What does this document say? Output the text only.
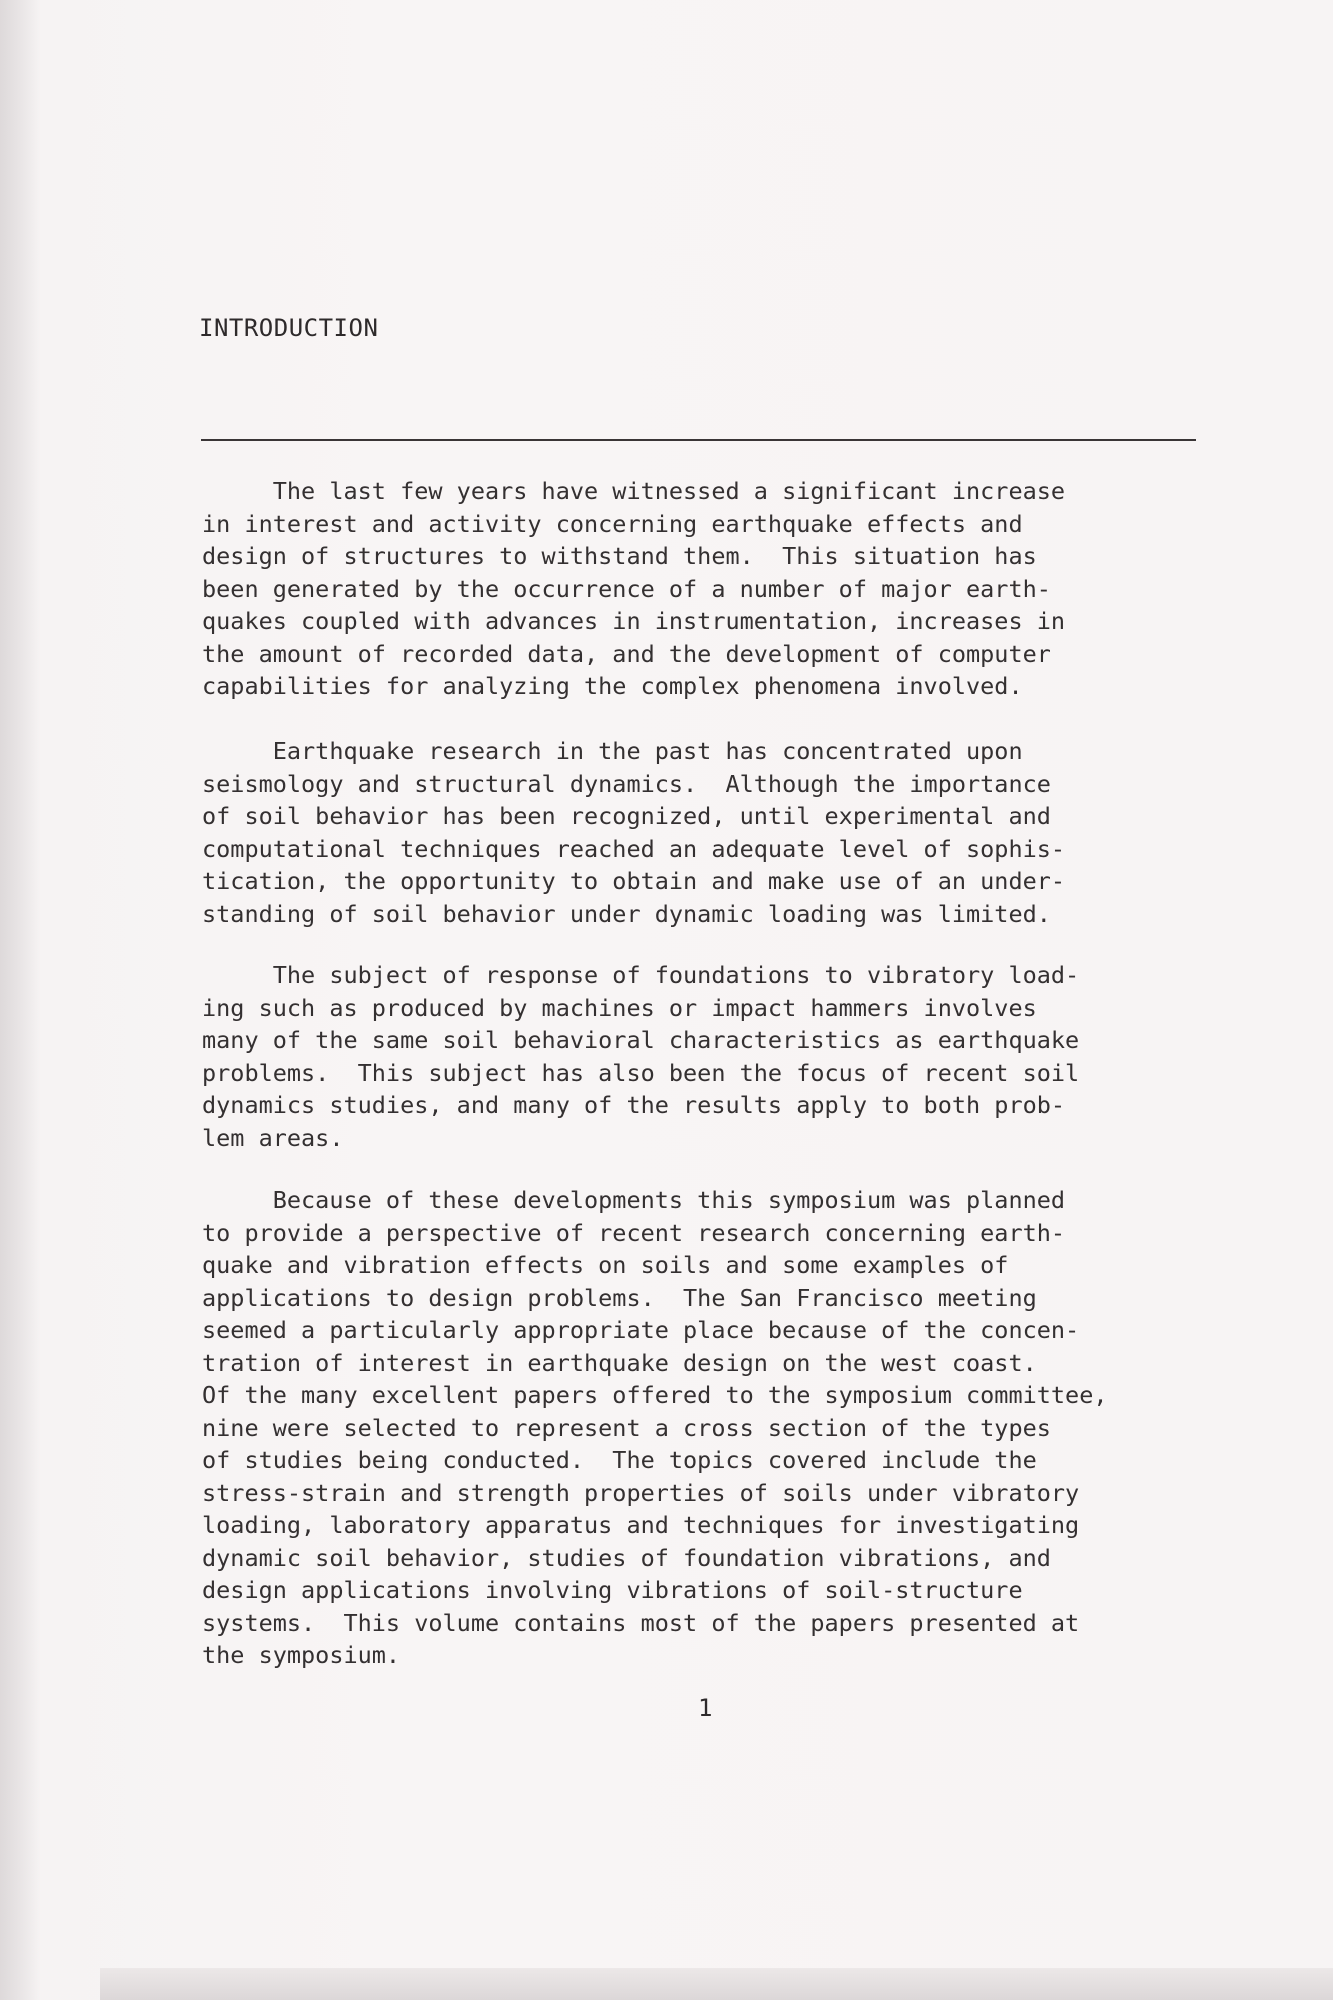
INTRODUCTION

The last few years have witnessed a significant increase
in interest and activity concerning earthquake effects and
design of structures to withstand them.  This situation has
been generated by the occurrence of a number of major earth-
quakes coupled with advances in instrumentation, increases in
the amount of recorded data, and the development of computer
capabilities for analyzing the complex phenomena involved.

Earthquake research in the past has concentrated upon
seismology and structural dynamics.  Although the importance
of soil behavior has been recognized, until experimental and
computational techniques reached an adequate level of sophis-
tication, the opportunity to obtain and make use of an under-
standing of soil behavior under dynamic loading was limited.

The subject of response of foundations to vibratory load-
ing such as produced by machines or impact hammers involves
many of the same soil behavioral characteristics as earthquake
problems.  This subject has also been the focus of recent soil
dynamics studies, and many of the results apply to both prob-
lem areas.

Because of these developments this symposium was planned
to provide a perspective of recent research concerning earth-
quake and vibration effects on soils and some examples of
applications to design problems.  The San Francisco meeting
seemed a particularly appropriate place because of the concen-
tration of interest in earthquake design on the west coast.
Of the many excellent papers offered to the symposium committee,
nine were selected to represent a cross section of the types
of studies being conducted.  The topics covered include the
stress-strain and strength properties of soils under vibratory
loading, laboratory apparatus and techniques for investigating
dynamic soil behavior, studies of foundation vibrations, and
design applications involving vibrations of soil-structure
systems.  This volume contains most of the papers presented at
the symposium.

1
